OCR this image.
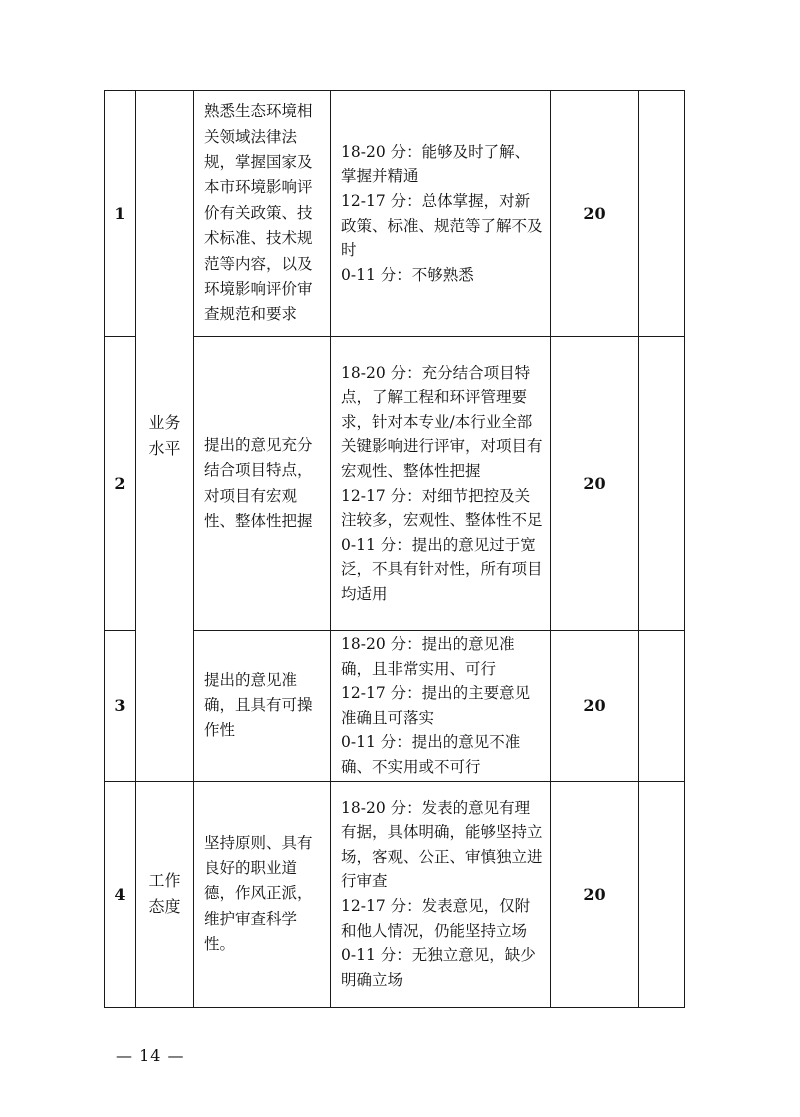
1	业务水平	熟悉生态环境相关领域法律法规，掌握国家及本市环境影响评价有关政策、技术标准、技术规范等内容，以及环境影响评价审查规范和要求	18-20 分：能够及时了解、掌握并精通
12-17 分：总体掌握，对新政策、标准、规范等了解不及时
0-11 分：不够熟悉	20	
2		提出的意见充分结合项目特点，对项目有宏观性、整体性把握	18-20 分：充分结合项目特点，了解工程和环评管理要求，针对本专业/本行业全部关键影响进行评审，对项目有宏观性、整体性把握
12-17 分：对细节把控及关注较多，宏观性、整体性不足
0-11 分：提出的意见过于宽泛，不具有针对性，所有项目均适用	20	
3		提出的意见准确，且具有可操作性	18-20 分：提出的意见准确，且非常实用、可行
12-17 分：提出的主要意见准确且可落实
0-11 分：提出的意见不准确、不实用或不可行	20	
4	工作态度	坚持原则、具有良好的职业道德，作风正派，维护审查科学性。	18-20 分：发表的意见有理有据，具体明确，能够坚持立场，客观、公正、审慎独立进行审查
12-17 分：发表意见，仅附和他人情况，仍能坚持立场
0-11 分：无独立意见，缺少明确立场	20	
— 14 —
